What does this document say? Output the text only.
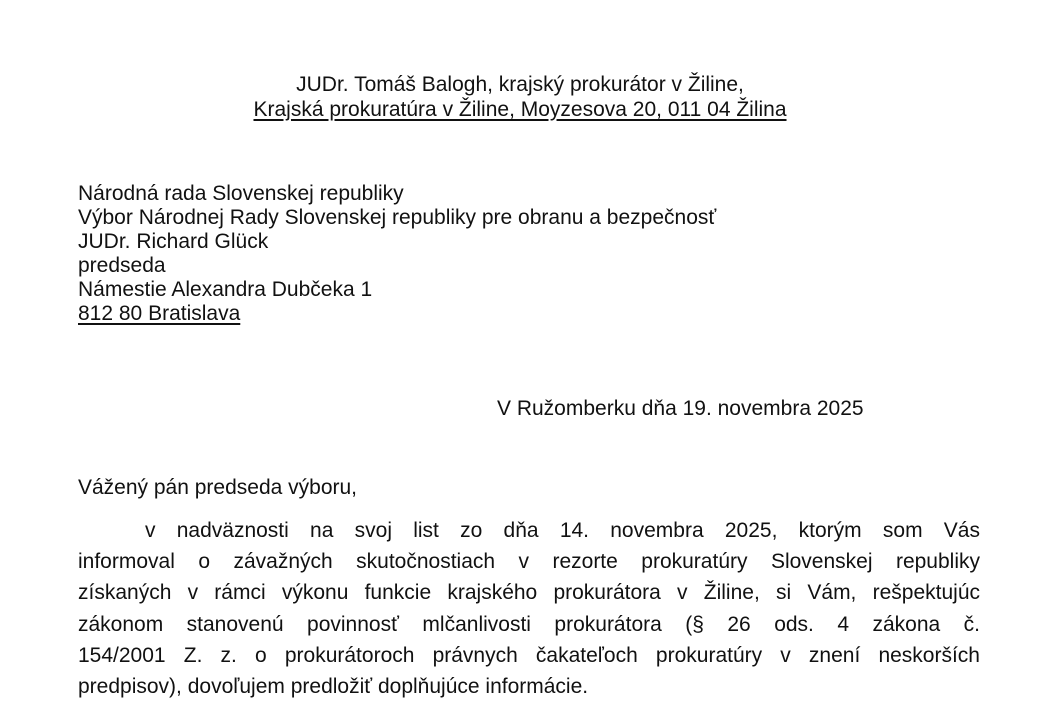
JUDr. Tomáš Balogh, krajský prokurátor v Žiline,
Krajská prokuratúra v Žiline, Moyzesova 20, 011 04 Žilina
Národná rada Slovenskej republiky
Výbor Národnej Rady Slovenskej republiky pre obranu a bezpečnosť
JUDr. Richard Glück
predseda
Námestie Alexandra Dubčeka 1
812 80 Bratislava
V Ružomberku dňa 19. novembra 2025
Vážený pán predseda výboru,
v nadväznosti na svoj list zo dňa 14. novembra 2025, ktorým som Vás
informoval o závažných skutočnostiach v rezorte prokuratúry Slovenskej republiky
získaných v rámci výkonu funkcie krajského prokurátora v Žiline, si Vám, rešpektujúc
zákonom stanovenú povinnosť mlčanlivosti prokurátora (§ 26 ods. 4 zákona č.
154/2001 Z. z. o prokurátoroch právnych čakateľoch prokuratúry v znení neskorších
predpisov), dovoľujem predložiť doplňujúce informácie.
